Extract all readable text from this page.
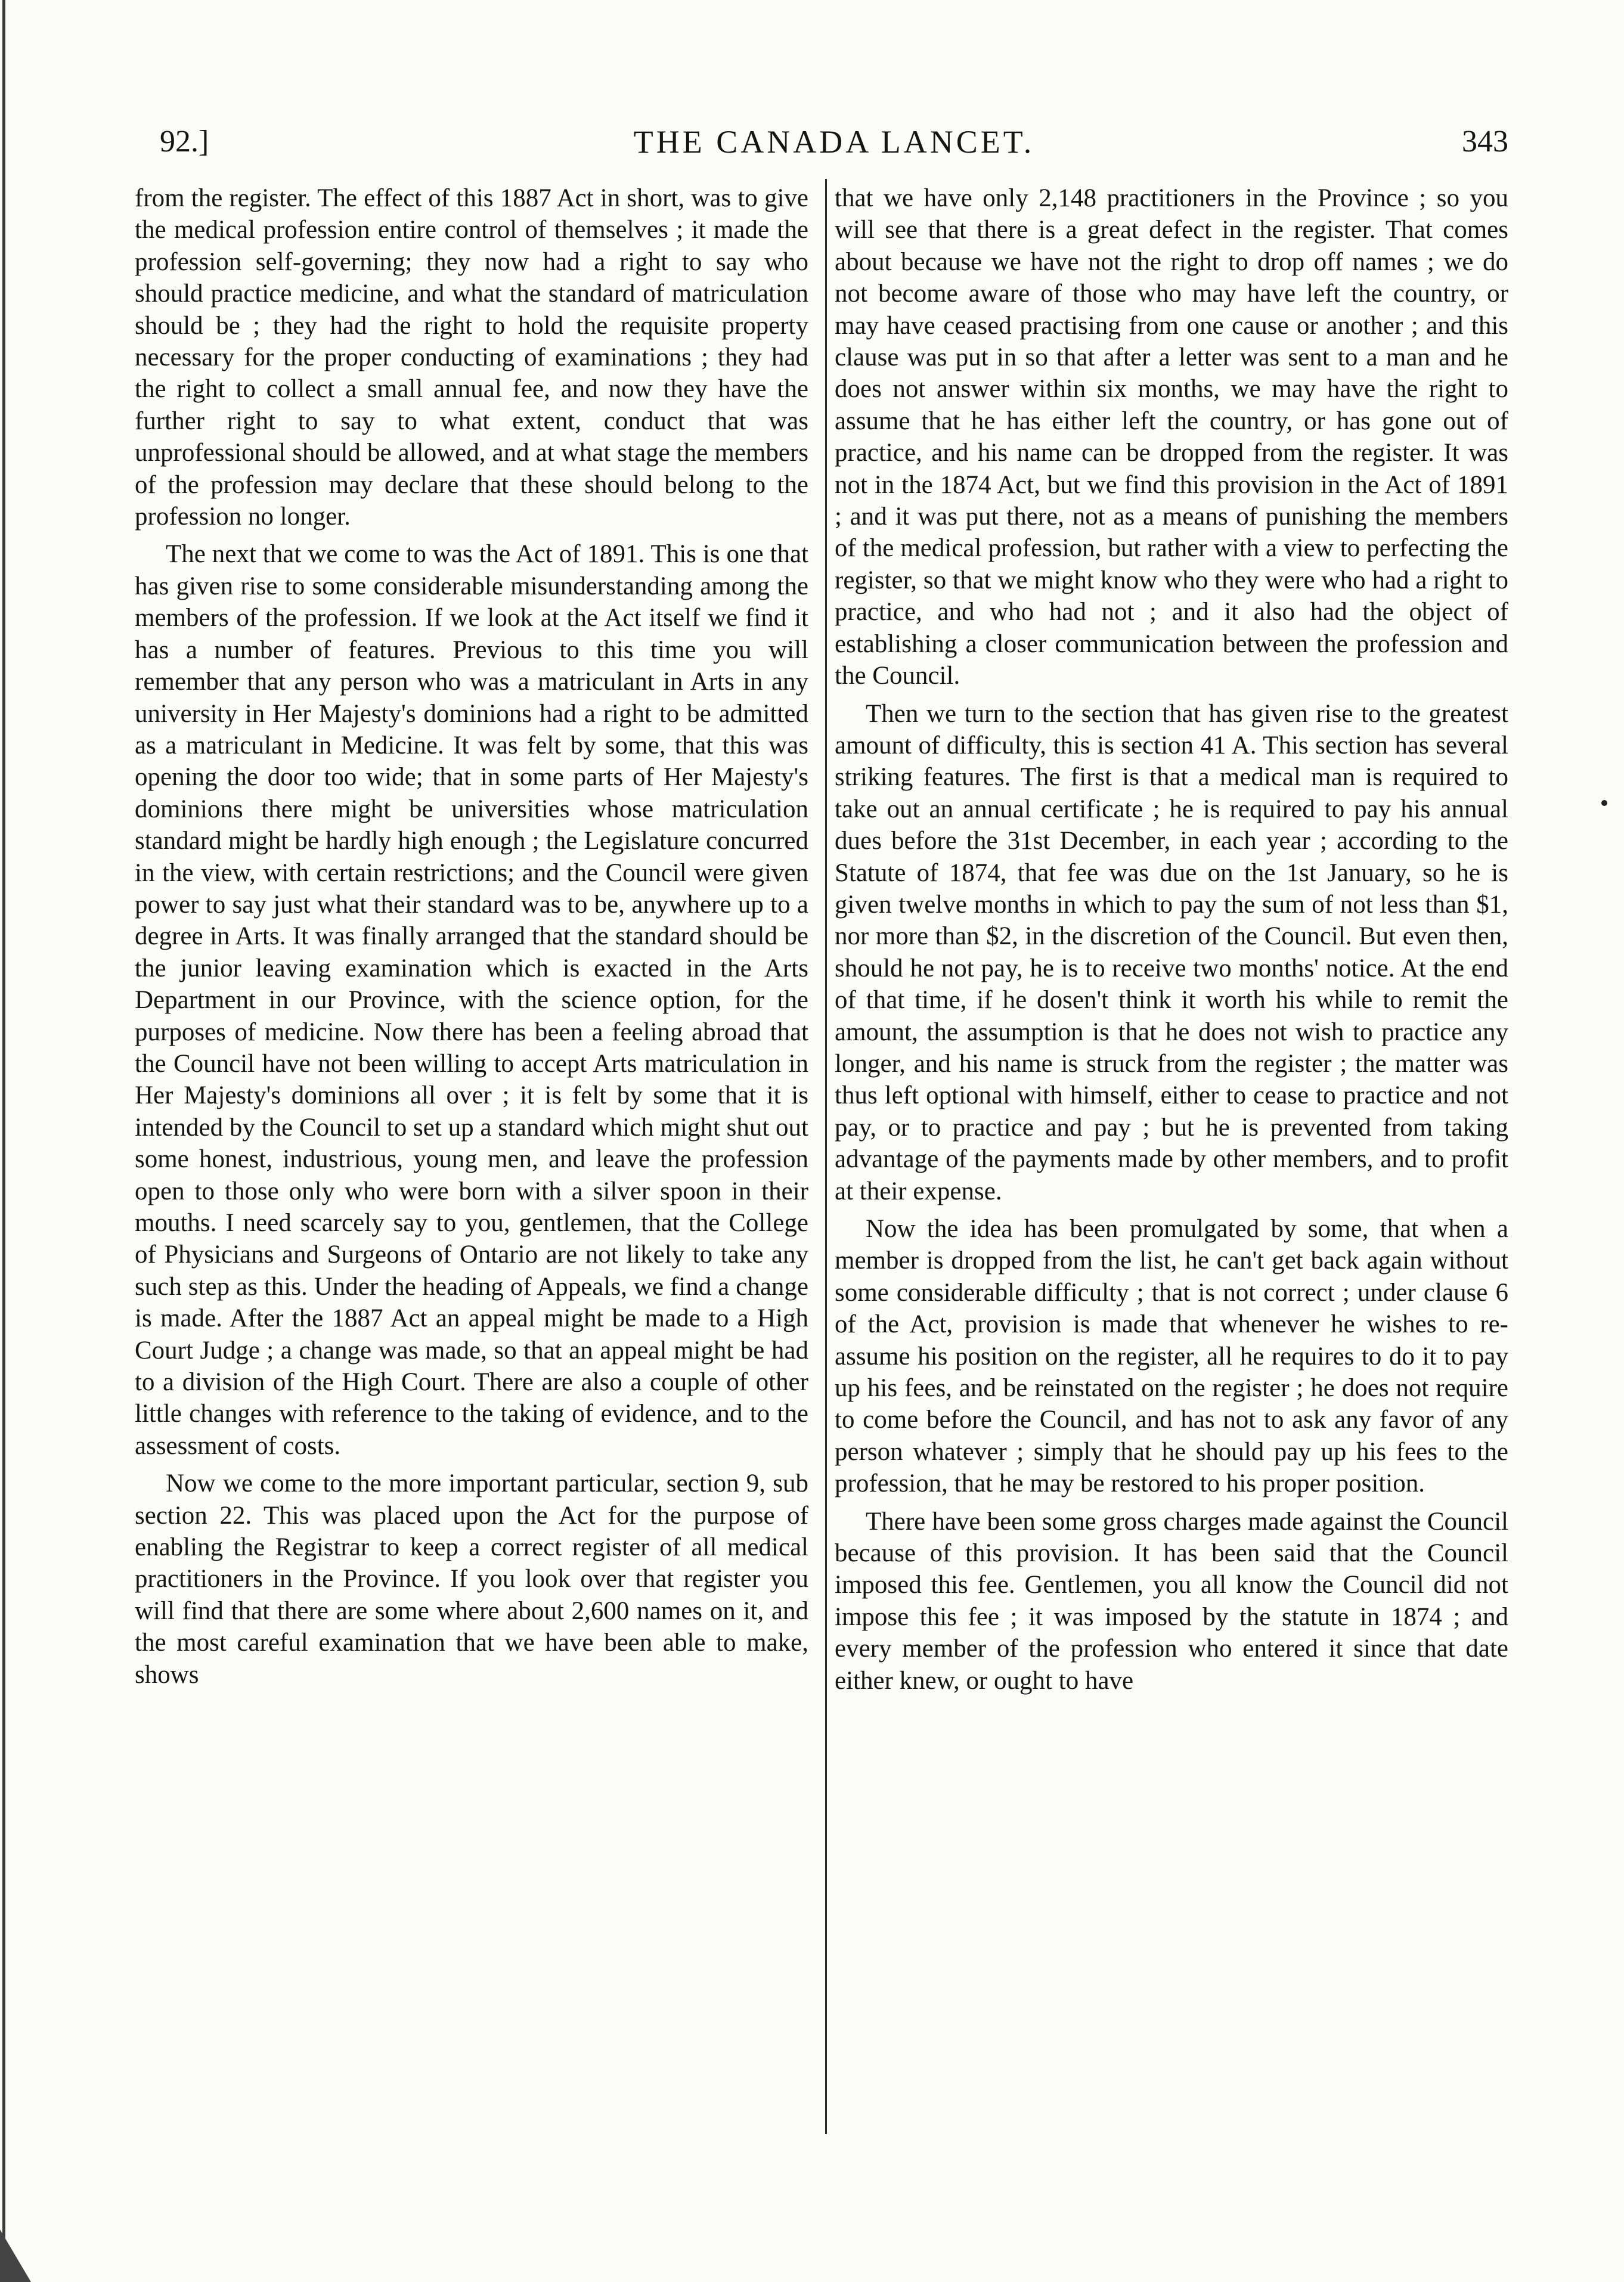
92.]	THE CANADA LANCET.	343

from the register. The effect of this 1887 Act in short, was to give the medical profession entire control of themselves ; it made the profession self-governing; they now had a right to say who should practice medicine, and what the standard of matriculation should be ; they had the right to hold the requisite property necessary for the proper conducting of examinations ; they had the right to collect a small annual fee, and now they have the further right to say to what extent, conduct that was unprofessional should be allowed, and at what stage the members of the profession may declare that these should belong to the profession no longer.

The next that we come to was the Act of 1891. This is one that has given rise to some considerable misunderstanding among the members of the profession. If we look at the Act itself we find it has a number of features. Previous to this time you will remember that any person who was a matriculant in Arts in any university in Her Majesty's dominions had a right to be admitted as a matriculant in Medicine. It was felt by some, that this was opening the door too wide; that in some parts of Her Majesty's dominions there might be universities whose matriculation standard might be hardly high enough ; the Legislature concurred in the view, with certain restrictions; and the Council were given power to say just what their standard was to be, anywhere up to a degree in Arts. It was finally arranged that the standard should be the junior leaving examination which is exacted in the Arts Department in our Province, with the science option, for the purposes of medicine. Now there has been a feeling abroad that the Council have not been willing to accept Arts matriculation in Her Majesty's dominions all over ; it is felt by some that it is intended by the Council to set up a standard which might shut out some honest, industrious, young men, and leave the profession open to those only who were born with a silver spoon in their mouths. I need scarcely say to you, gentlemen, that the College of Physicians and Surgeons of Ontario are not likely to take any such step as this. Under the heading of Appeals, we find a change is made. After the 1887 Act an appeal might be made to a High Court Judge ; a change was made, so that an appeal might be had to a division of the High Court. There are also a couple of other little changes with reference to the taking of evidence, and to the assessment of costs.

Now we come to the more important particular, section 9, sub section 22. This was placed upon the Act for the purpose of enabling the Registrar to keep a correct register of all medical practitioners in the Province. If you look over that register you will find that there are some where about 2,600 names on it, and the most careful examination that we have been able to make, shows

that we have only 2,148 practitioners in the Province ; so you will see that there is a great defect in the register. That comes about because we have not the right to drop off names ; we do not become aware of those who may have left the country, or may have ceased practising from one cause or another ; and this clause was put in so that after a letter was sent to a man and he does not answer within six months, we may have the right to assume that he has either left the country, or has gone out of practice, and his name can be dropped from the register. It was not in the 1874 Act, but we find this provision in the Act of 1891 ; and it was put there, not as a means of punishing the members of the medical profession, but rather with a view to perfecting the register, so that we might know who they were who had a right to practice, and who had not ; and it also had the object of establishing a closer communication between the profession and the Council.

Then we turn to the section that has given rise to the greatest amount of difficulty, this is section 41 A. This section has several striking features. The first is that a medical man is required to take out an annual certificate ; he is required to pay his annual dues before the 31st December, in each year ; according to the Statute of 1874, that fee was due on the 1st January, so he is given twelve months in which to pay the sum of not less than $1, nor more than $2, in the discretion of the Council. But even then, should he not pay, he is to receive two months' notice. At the end of that time, if he dosen't think it worth his while to remit the amount, the assumption is that he does not wish to practice any longer, and his name is struck from the register ; the matter was thus left optional with himself, either to cease to practice and not pay, or to practice and pay ; but he is prevented from taking advantage of the payments made by other members, and to profit at their expense.

Now the idea has been promulgated by some, that when a member is dropped from the list, he can't get back again without some considerable difficulty ; that is not correct ; under clause 6 of the Act, provision is made that whenever he wishes to re-assume his position on the register, all he requires to do it to pay up his fees, and be reinstated on the register ; he does not require to come before the Council, and has not to ask any favor of any person whatever ; simply that he should pay up his fees to the profession, that he may be restored to his proper position.

There have been some gross charges made against the Council because of this provision. It has been said that the Council imposed this fee. Gentlemen, you all know the Council did not impose this fee ; it was imposed by the statute in 1874 ; and every member of the profession who entered it since that date either knew, or ought to have
